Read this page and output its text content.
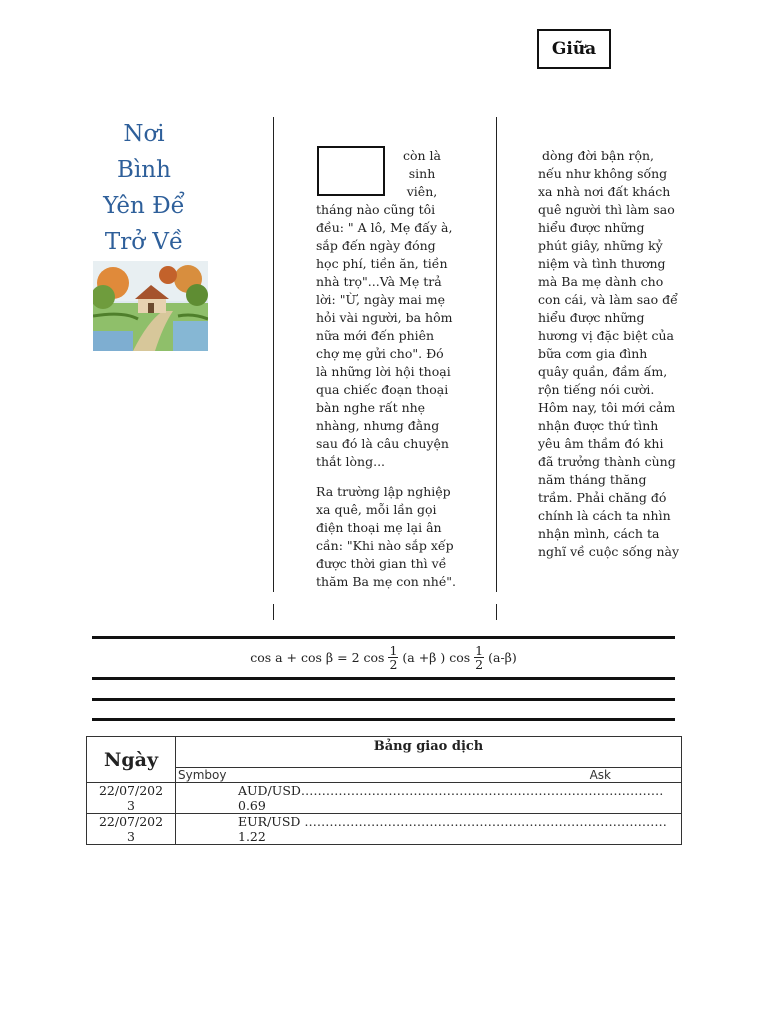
Giữa
Nơi
Bình
Yên Để
Trở Về
còn là
sinh
viên,
tháng nào cũng tôi
đều: " A lô, Mẹ đấy à,
sắp đến ngày đóng
học phí, tiền ăn, tiền
nhà trọ"...Và Mẹ trả
lời: "Ừ, ngày mai mẹ
hỏi vài người, ba hôm
nữa mới đến phiên
chợ mẹ gửi cho". Đó
là những lời hội thoại
qua chiếc đoạn thoại
bàn nghe rất nhẹ
nhàng, nhưng đằng
sau đó là câu chuyện
thắt lòng...
Ra trường lập nghiệp
xa quê, mỗi lần gọi
điện thoại mẹ lại ân
cần: "Khi nào sắp xếp
được thời gian thì về
thăm Ba mẹ con nhé".
dòng đời bận rộn,
nếu như không sống
xa nhà nơi đất khách
quê người thì làm sao
hiểu được những
phút giây, những kỷ
niệm và tình thương
mà Ba mẹ dành cho
con cái, và làm sao để
hiểu được những
hương vị đặc biệt của
bữa cơm gia đình
quây quần, đầm ấm,
rộn tiếng nói cười.
Hôm nay, tôi mới cảm
nhận được thứ tình
yêu âm thầm đó khi
đã trưởng thành cùng
năm tháng thăng
trầm. Phải chăng đó
chính là cách ta nhìn
nhận mình, cách ta
nghĩ về cuộc sống này
cos a + cos β = 2 $\cos \frac{1}{2} (a +\beta$ ) $\cos \frac{1}{2} (a-\beta)$
Ngày	Bảng giao dịch

	Symboy Ask

22/07/202
3	AUD/USD……………………………………………………………………………0.69

22/07/202
3	EUR/USD ……………………………………………………………………………1.22
